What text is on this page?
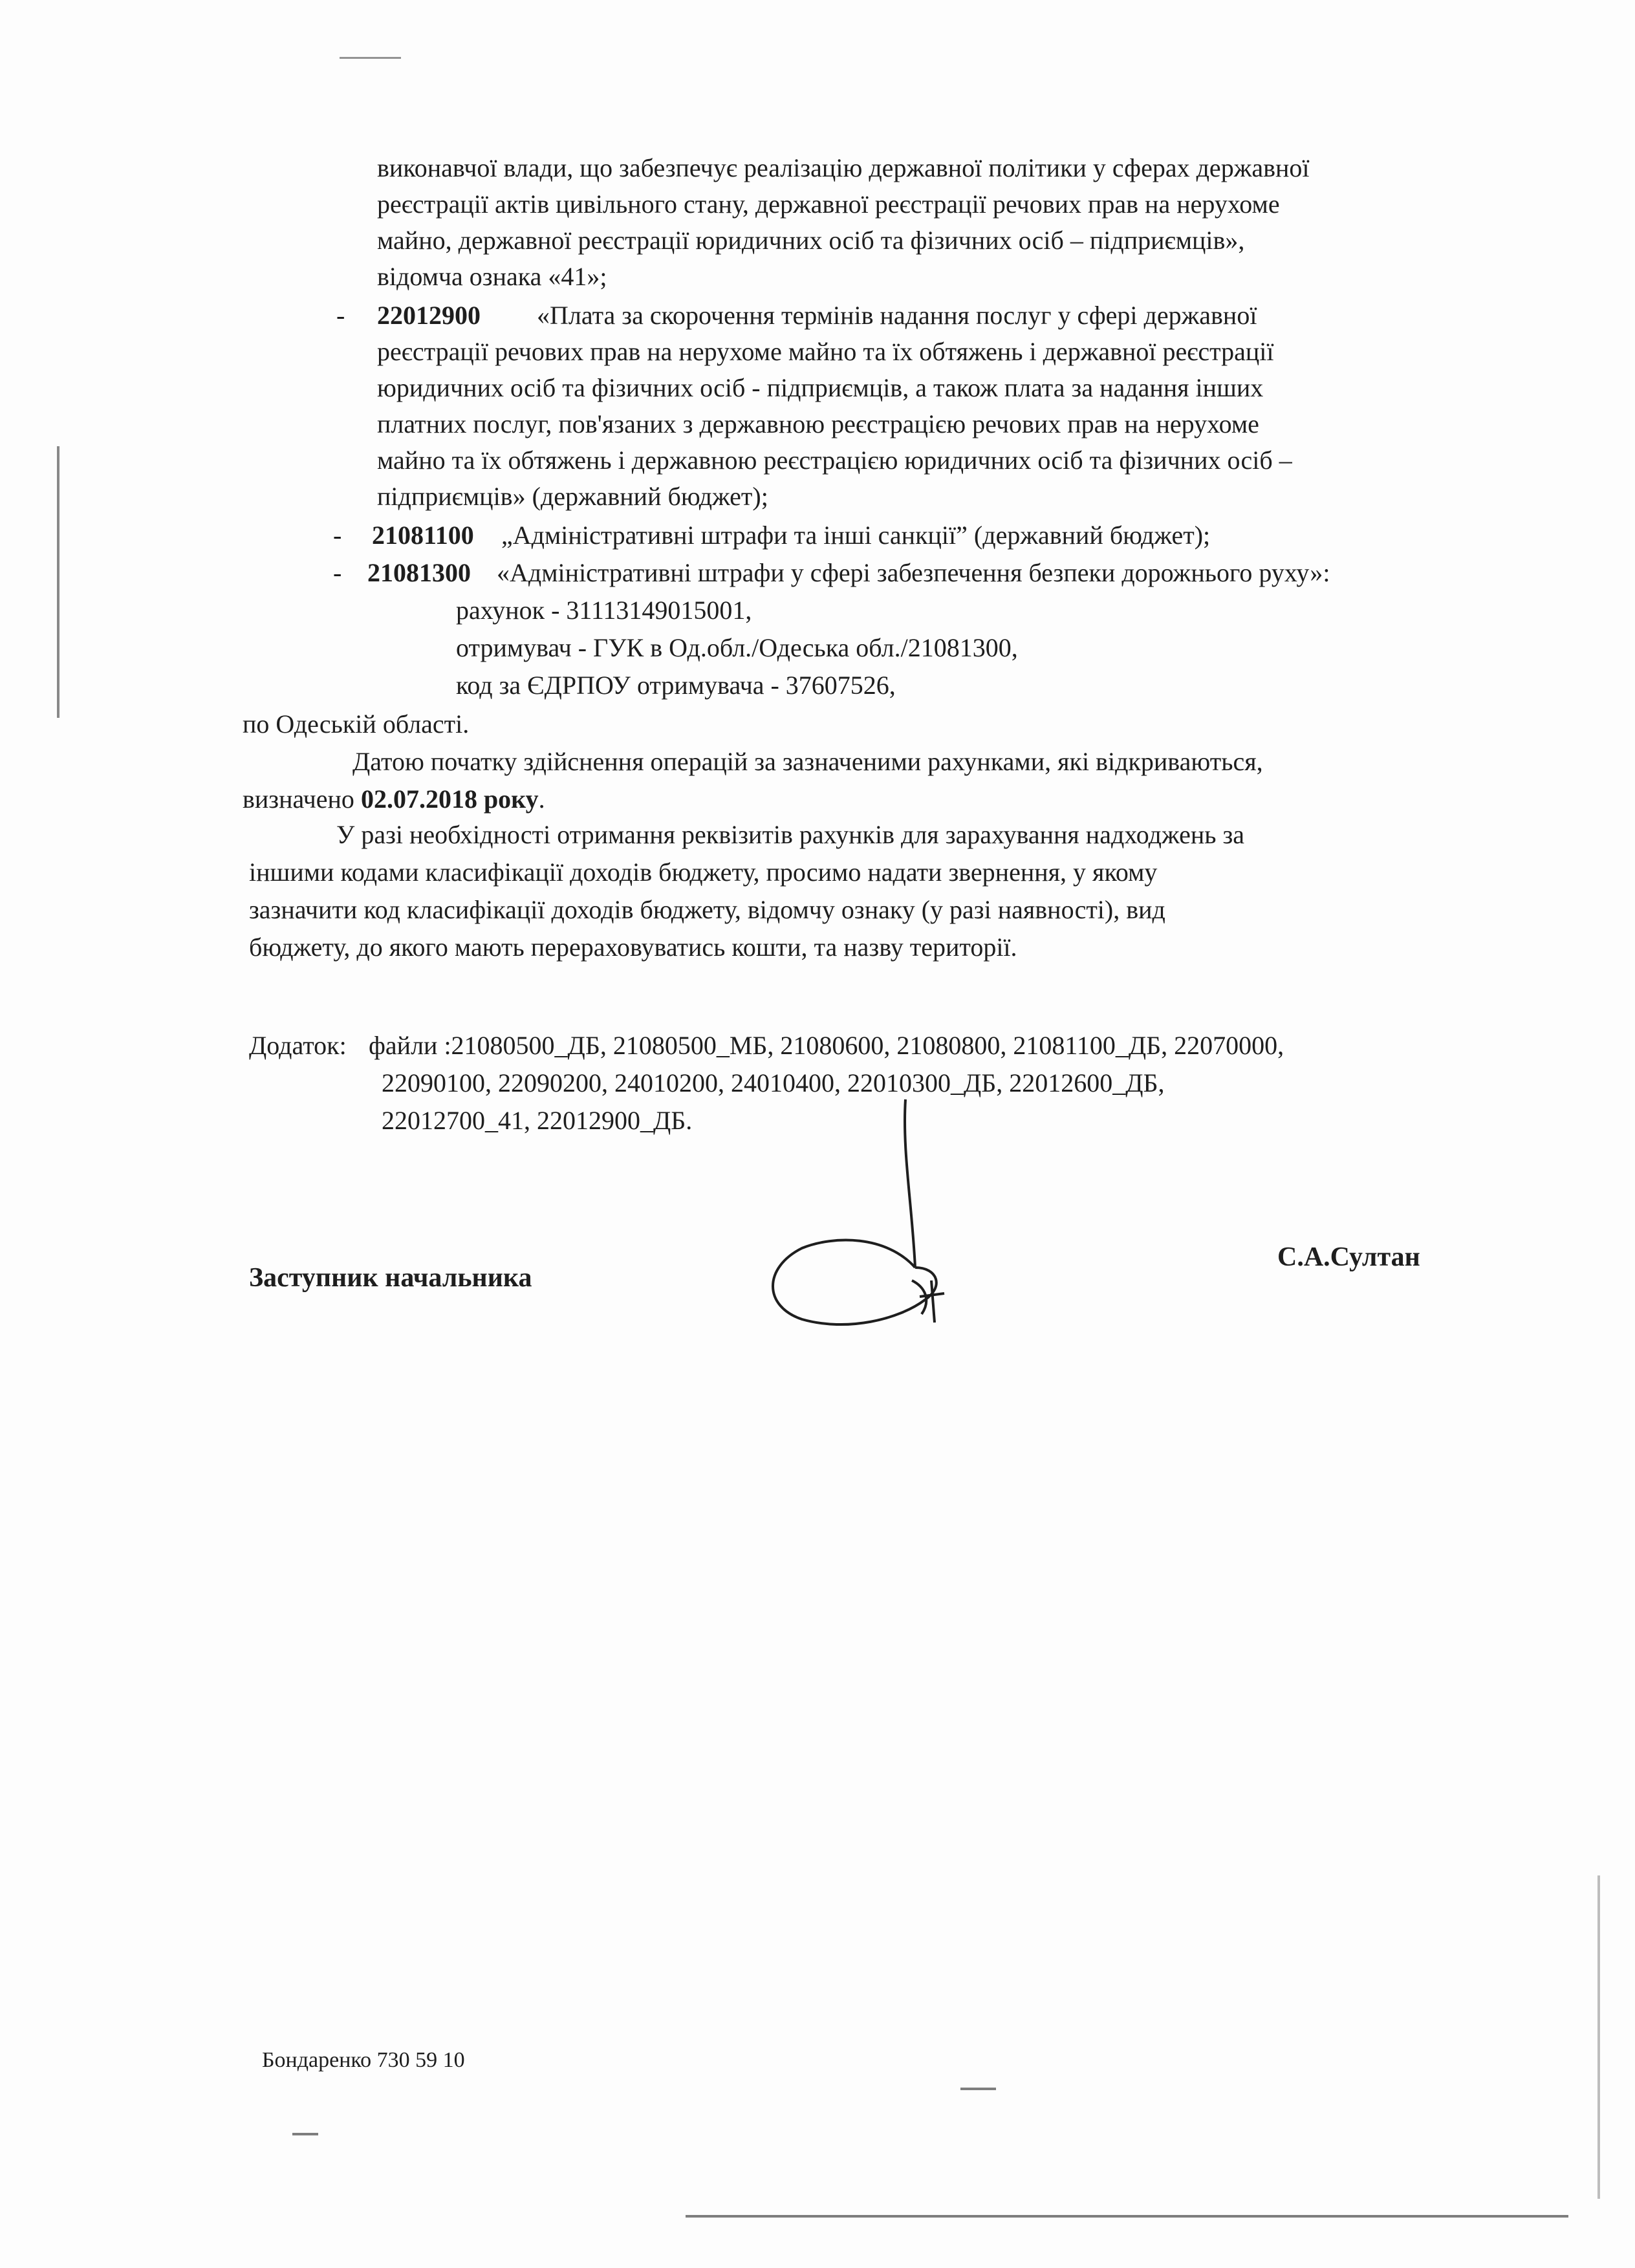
виконавчої влади, що забезпечує реалізацію державної політики у сферах державної
реєстрації актів цивільного стану, державної реєстрації речових прав на нерухоме
майно, державної реєстрації юридичних осіб та фізичних осіб – підприємців»,
відомча ознака «41»;
- 22012900 «Плата за скорочення термінів надання послуг у сфері державної
реєстрації речових прав на нерухоме майно та їх обтяжень і державної реєстрації
юридичних осіб та фізичних осіб - підприємців, а також плата за надання інших
платних послуг, пов'язаних з державною реєстрацією речових прав на нерухоме
майно та їх обтяжень і державною реєстрацією юридичних осіб та фізичних осіб –
підприємців» (державний бюджет);
- 21081100 „Адміністративні штрафи та інші санкції” (державний бюджет);
- 21081300 «Адміністративні штрафи у сфері забезпечення безпеки дорожнього руху»:
рахунок - 31113149015001,
отримувач - ГУК в Од.обл./Одеська обл./21081300,
код за ЄДРПОУ отримувача - 37607526,
по Одеській області.
Датою початку здійснення операцій за зазначеними рахунками, які відкриваються,
визначено 02.07.2018 року.
У разі необхідності отримання реквізитів рахунків для зарахування надходжень за
іншими кодами класифікації доходів бюджету, просимо надати звернення, у якому
зазначити код класифікації доходів бюджету, відомчу ознаку (у разі наявності), вид
бюджету, до якого мають перераховуватись кошти, та назву території.
Додаток: файли :21080500_ДБ, 21080500_МБ, 21080600, 21080800, 21081100_ДБ, 22070000,
22090100, 22090200, 24010200, 24010400, 22010300_ДБ, 22012600_ДБ,
22012700_41, 22012900_ДБ.
Заступник начальника
С.А.Султан
Бондаренко 730 59 10
